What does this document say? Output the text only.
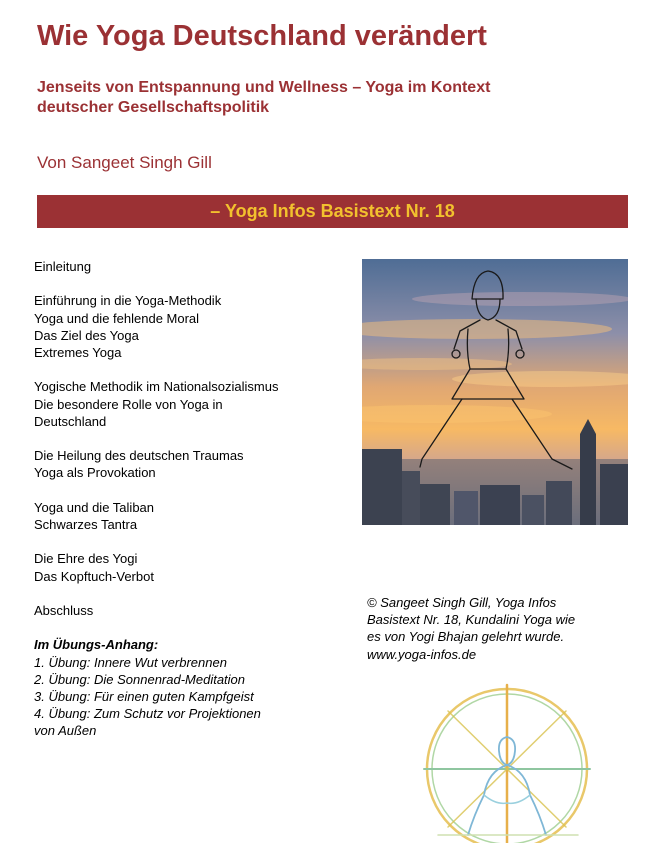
Wie Yoga Deutschland verändert
Jenseits von Entspannung und Wellness – Yoga im Kontext
deutscher Gesellschaftspolitik
Von Sangeet Singh Gill
– Yoga Infos Basistext Nr. 18
Einleitung
Einführung in die Yoga-Methodik
Yoga und die fehlende Moral
Das Ziel des Yoga
Extremes Yoga
Yogische Methodik im Nationalsozialismus
Die besondere Rolle von Yoga in
Deutschland
Die Heilung des deutschen Traumas
Yoga als Provokation
Yoga und die Taliban
Schwarzes Tantra
Die Ehre des Yogi
Das Kopftuch-Verbot
Abschluss
Im Übungs-Anhang:
1. Übung: Innere Wut verbrennen
2. Übung: Die Sonnenrad-Meditation
3. Übung: Für einen guten Kampfgeist
4. Übung: Zum Schutz vor Projektionen
von Außen
© Sangeet Singh Gill, Yoga Infos
Basistext Nr. 18, Kundalini Yoga wie
es von Yogi Bhajan gelehrt wurde.
www.yoga-infos.de
